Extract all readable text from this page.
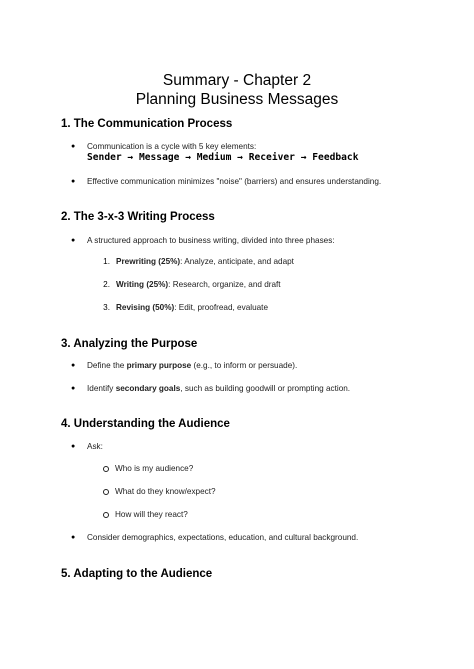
Summary - Chapter 2
Planning Business Messages
1. The Communication Process
● Communication is a cycle with 5 key elements:
Sender → Message → Medium → Receiver → Feedback
● Effective communication minimizes "noise" (barriers) and ensures understanding.
2. The 3-x-3 Writing Process
● A structured approach to business writing, divided into three phases:
1. Prewriting (25%): Analyze, anticipate, and adapt
2. Writing (25%): Research, organize, and draft
3. Revising (50%): Edit, proofread, evaluate
3. Analyzing the Purpose
● Define the primary purpose (e.g., to inform or persuade).
● Identify secondary goals, such as building goodwill or prompting action.
4. Understanding the Audience
● Ask:
Who is my audience?
What do they know/expect?
How will they react?
● Consider demographics, expectations, education, and cultural background.
5. Adapting to the Audience
